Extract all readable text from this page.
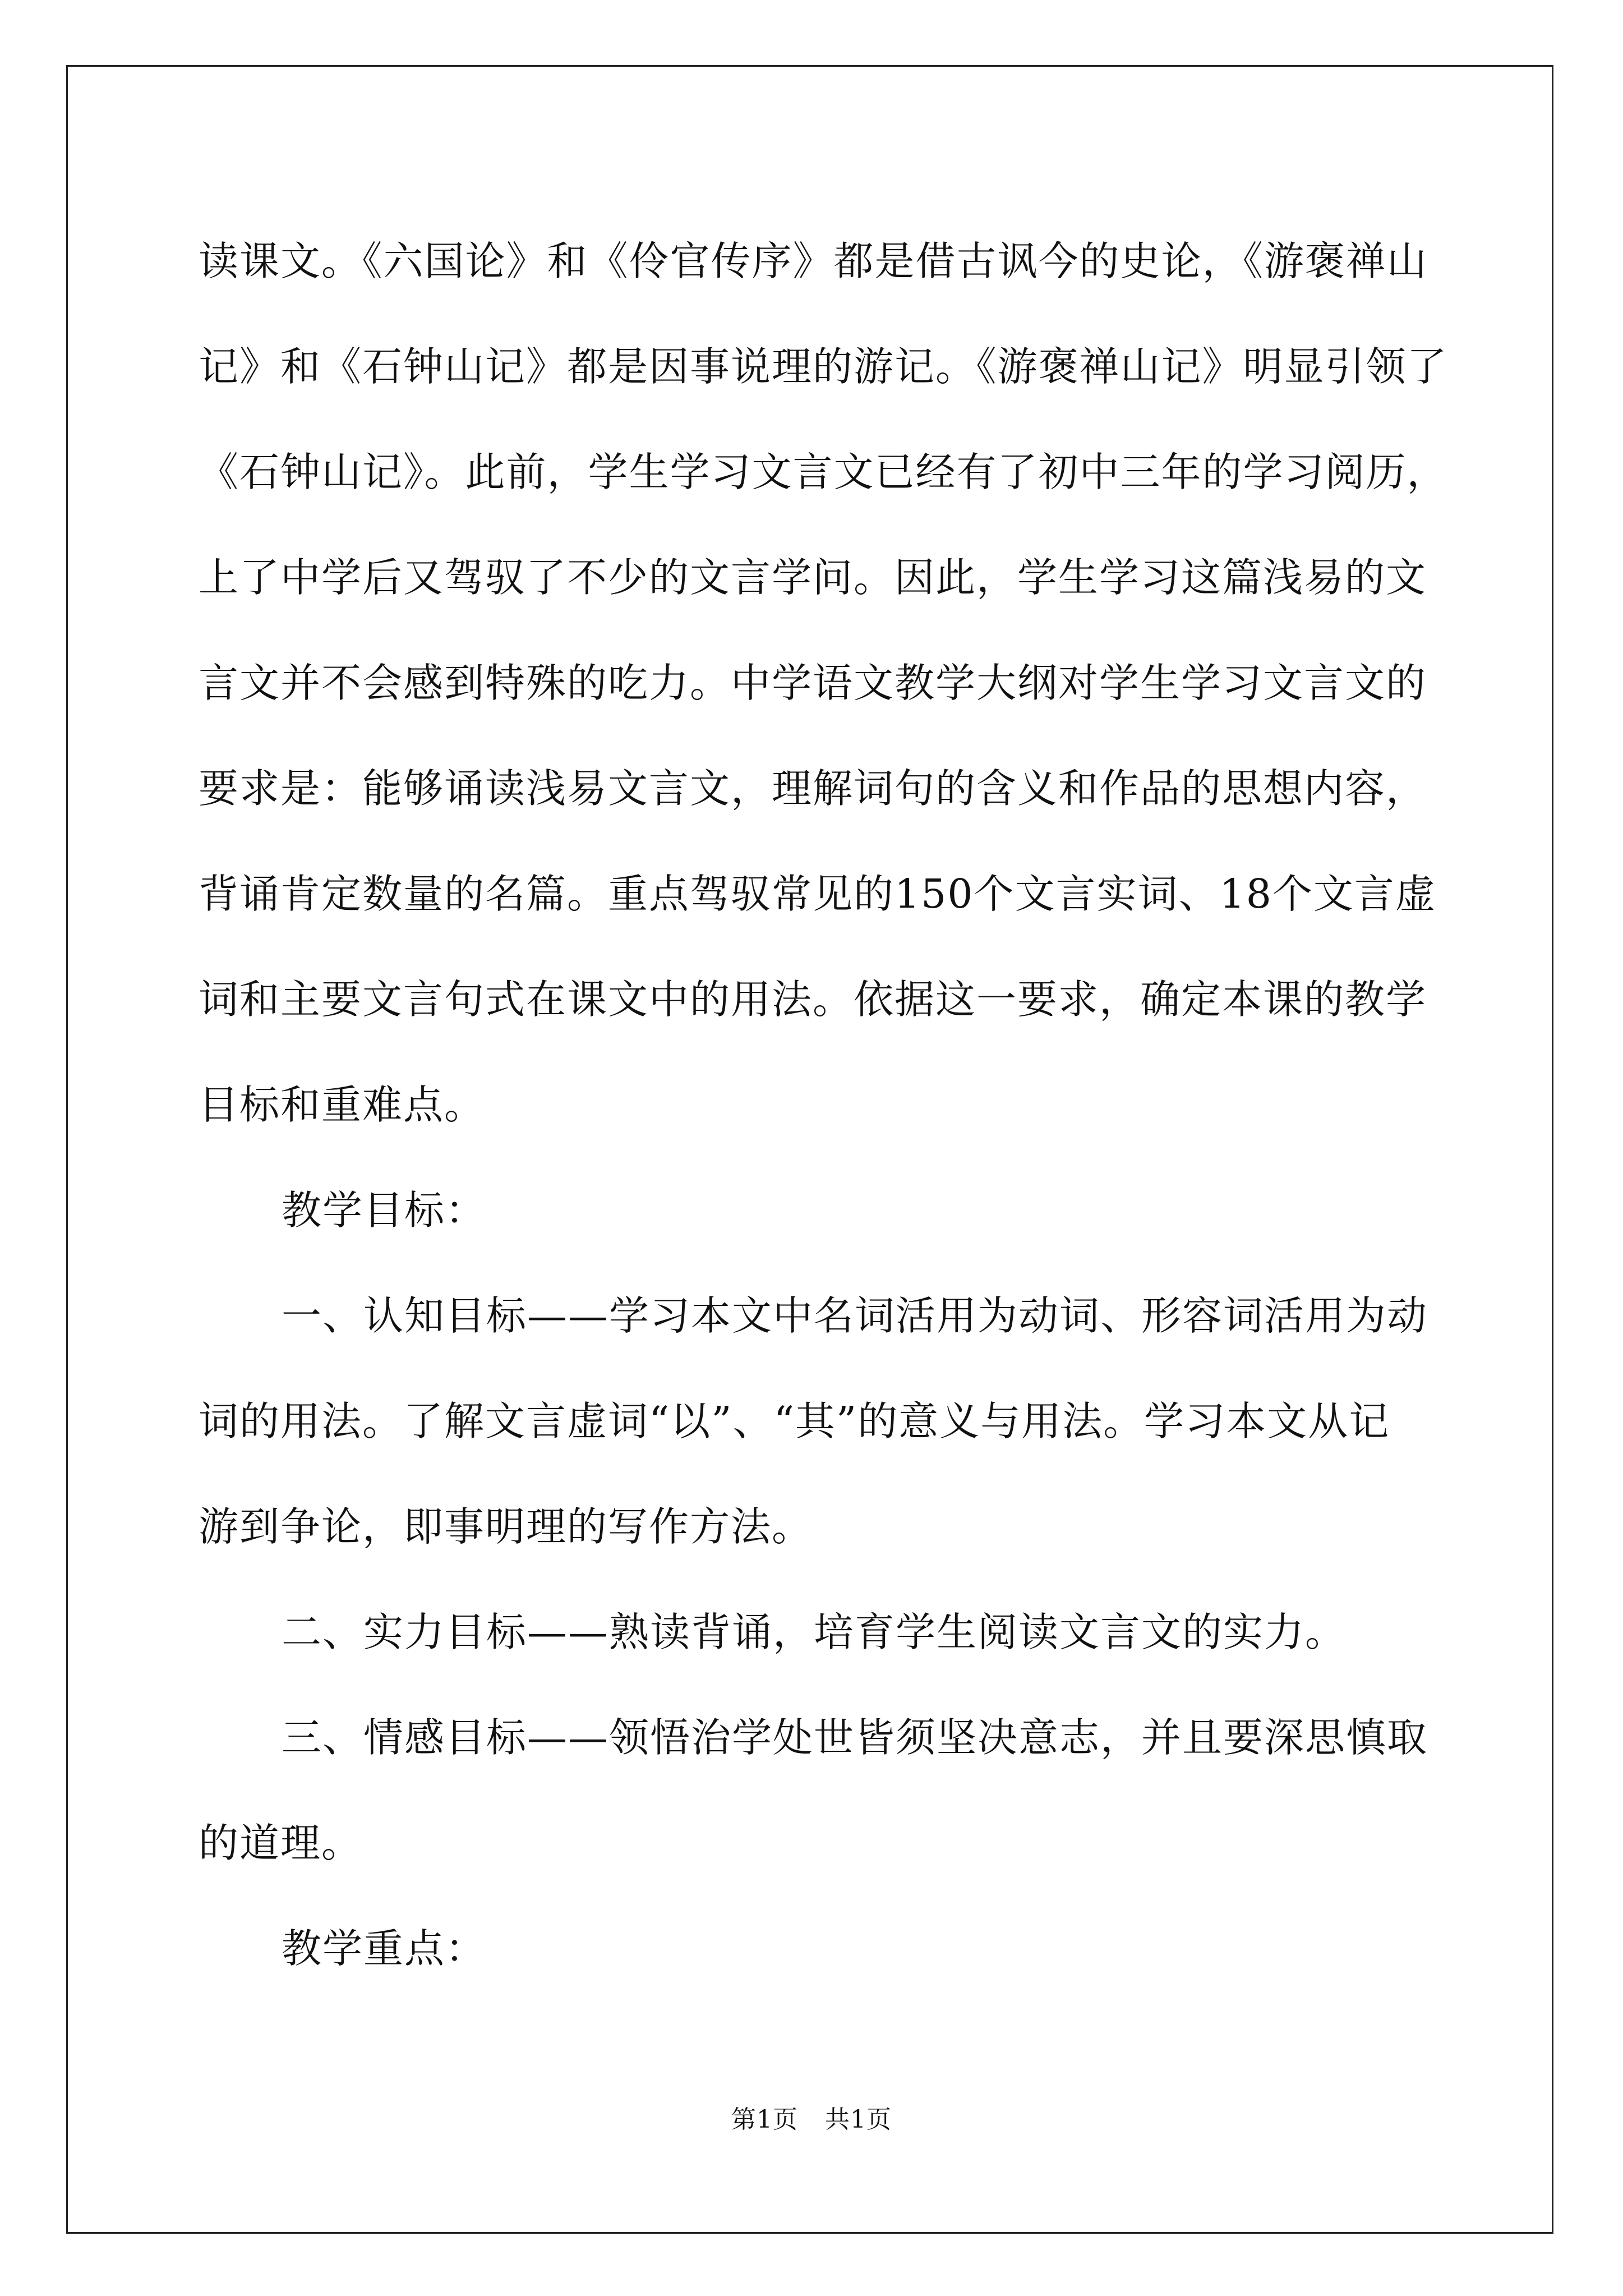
读课文。《六国论》和《伶官传序》都是借古讽今的史论，《游褒禅山
记》和《石钟山记》都是因事说理的游记。《游褒禅山记》明显引领了
《石钟山记》。此前，学生学习文言文已经有了初中三年的学习阅历，
上了中学后又驾驭了不少的文言学问。因此，学生学习这篇浅易的文
言文并不会感到特殊的吃力。中学语文教学大纲对学生学习文言文的
要求是：能够诵读浅易文言文，理解词句的含义和作品的思想内容，
背诵肯定数量的名篇。重点驾驭常见的150个文言实词、18个文言虚
词和主要文言句式在课文中的用法。依据这一要求，确定本课的教学
目标和重难点。

教学目标：

一、认知目标——学习本文中名词活用为动词、形容词活用为动
词的用法。了解文言虚词“以”、“其”的意义与用法。学习本文从记
游到争论，即事明理的写作方法。

二、实力目标——熟读背诵，培育学生阅读文言文的实力。

三、情感目标——领悟治学处世皆须坚决意志，并且要深思慎取
的道理。

教学重点：

第1页 共1页
